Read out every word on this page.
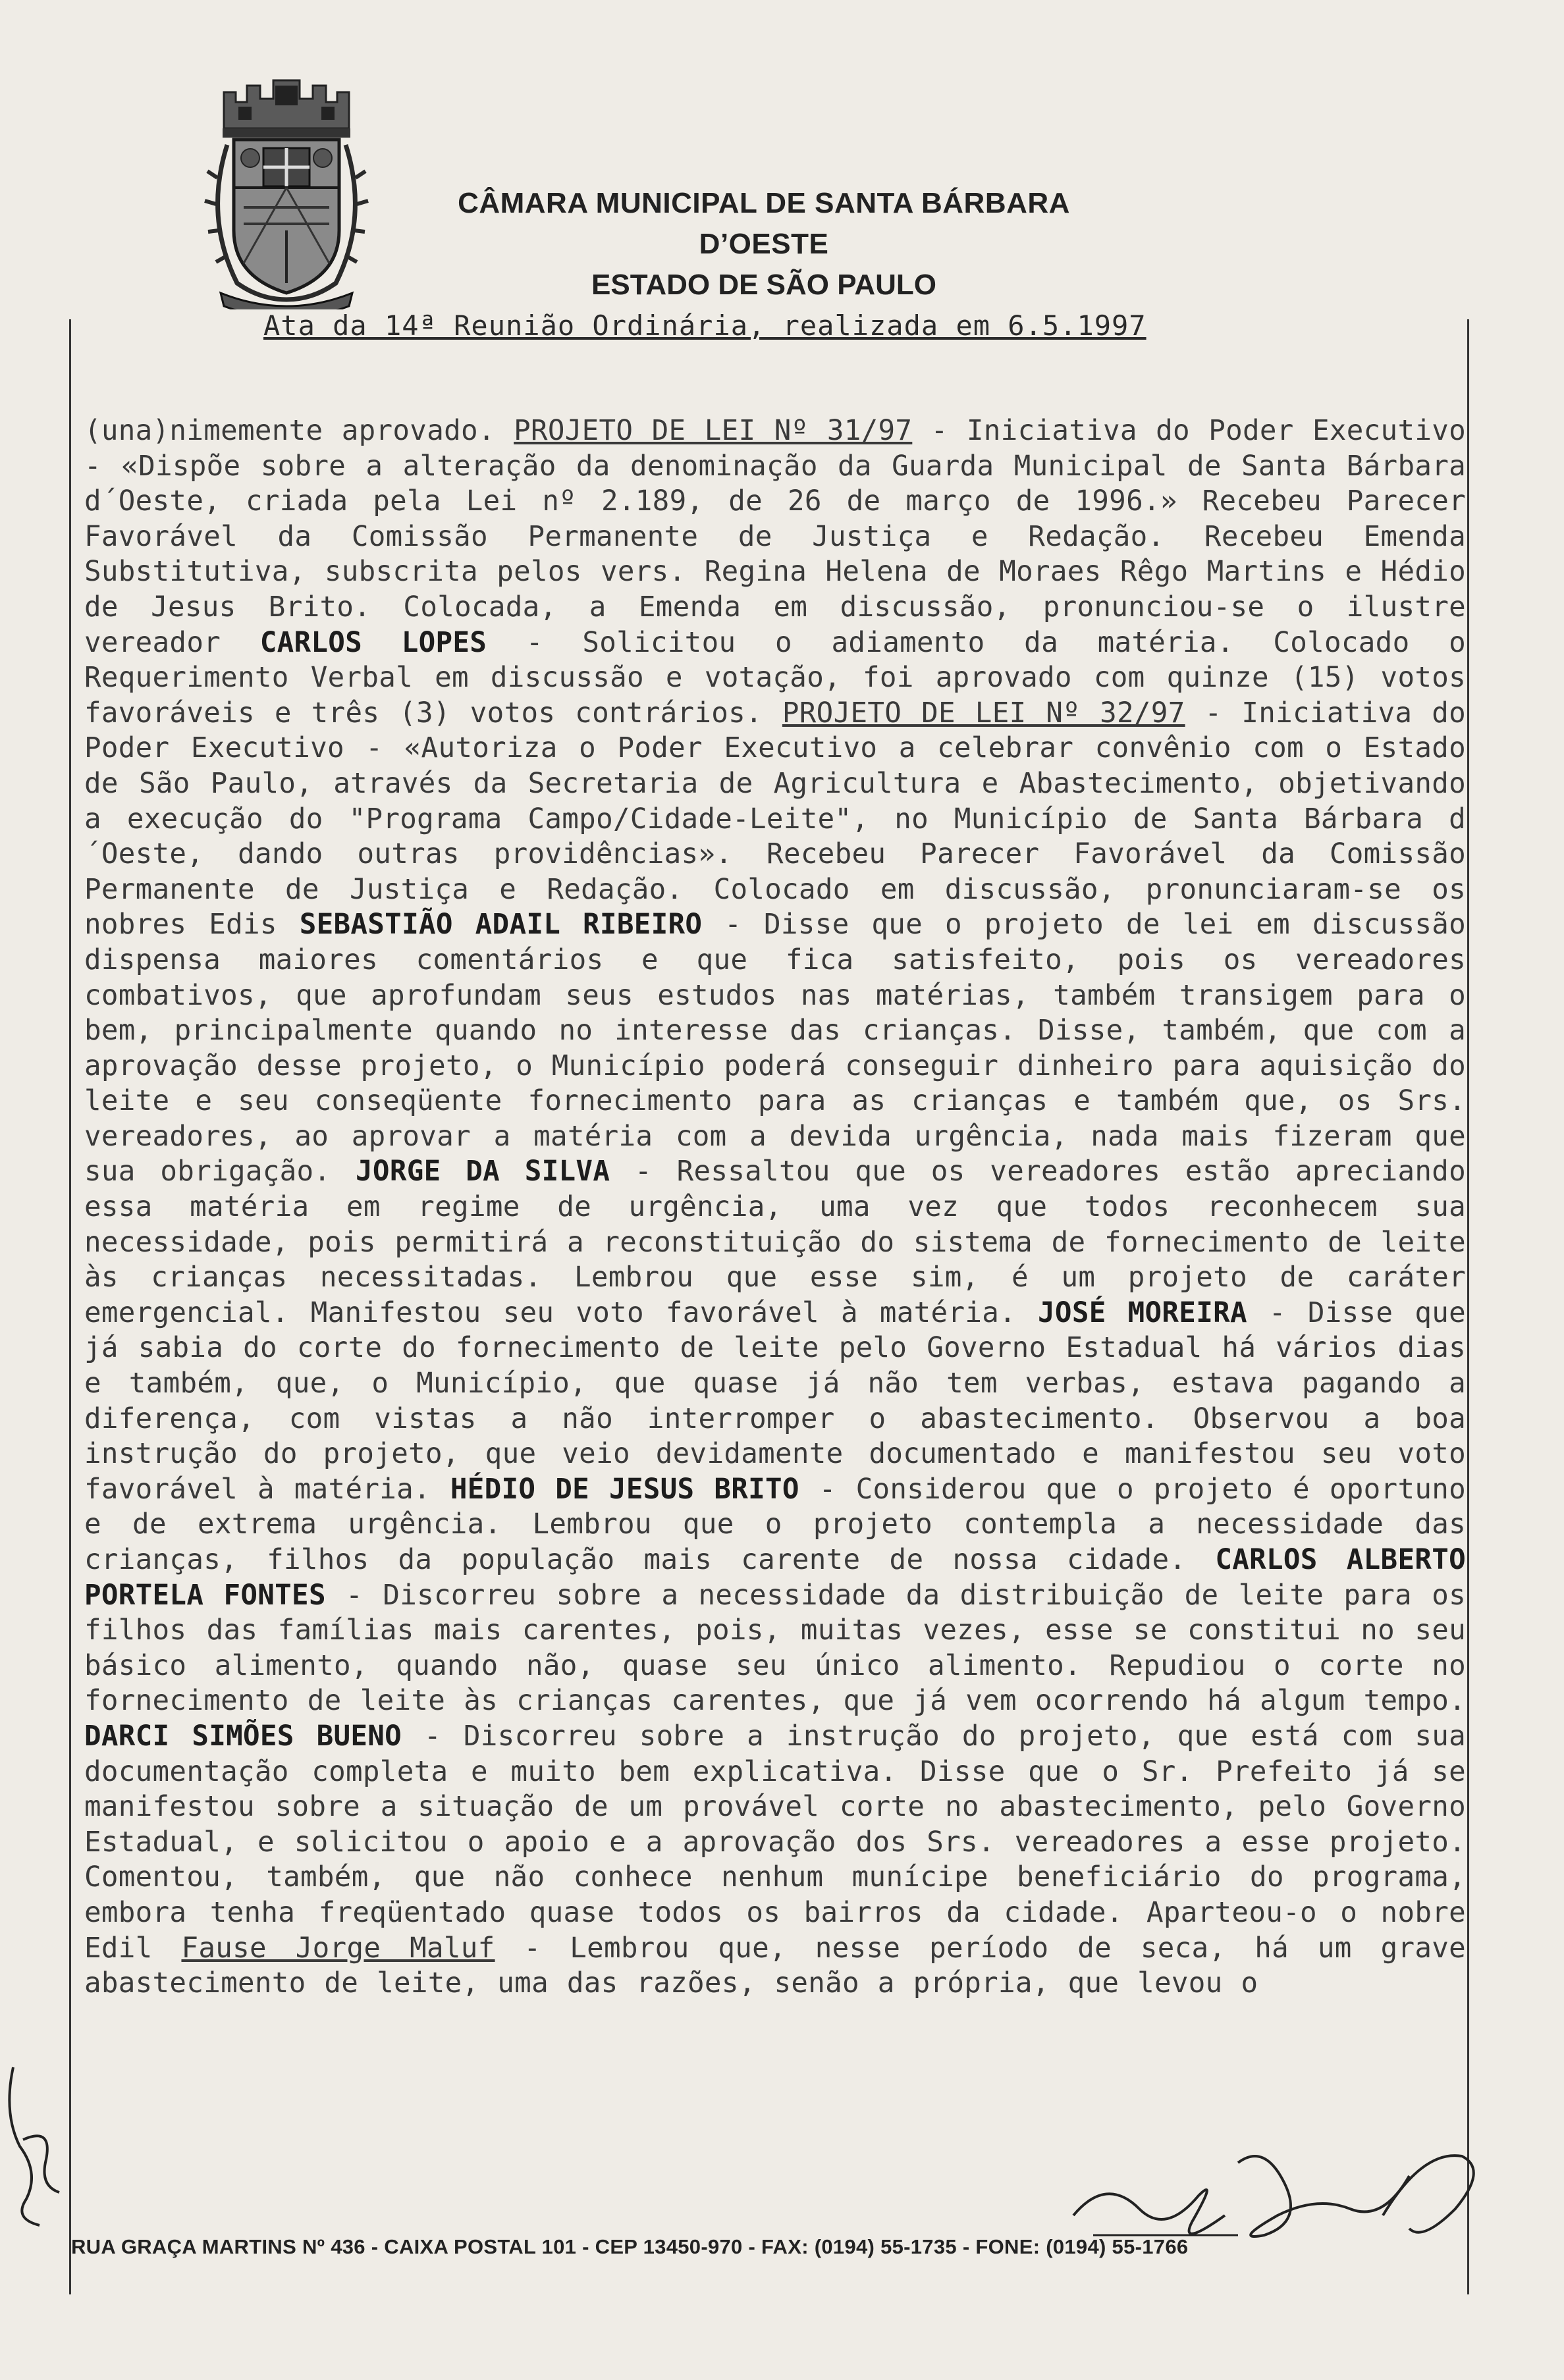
CÂMARA MUNICIPAL DE SANTA BÁRBARA D’OESTE
ESTADO DE SÃO PAULO
Ata da 14ª Reunião Ordinária, realizada em 6.5.1997
(una)nimemente aprovado. PROJETO DE LEI Nº 31/97 - Iniciativa do Poder Executivo - «Dispõe sobre a alteração da denominação da Guarda Municipal de Santa Bárbara d´Oeste, criada pela Lei nº 2.189, de 26 de março de 1996.» Recebeu Parecer Favorável da Comissão Permanente de Justiça e Redação. Recebeu Emenda Substitutiva, subscrita pelos vers. Regina Helena de Moraes Rêgo Martins e Hédio de Jesus Brito. Colocada, a Emenda em discussão, pronunciou-se o ilustre vereador CARLOS LOPES - Solicitou o adiamento da matéria. Colocado o Requerimento Verbal em discussão e votação, foi aprovado com quinze (15) votos favoráveis e três (3) votos contrários. PROJETO DE LEI Nº 32/97 - Iniciativa do Poder Executivo - «Autoriza o Poder Executivo a celebrar convênio com o Estado de São Paulo, através da Secretaria de Agricultura e Abastecimento, objetivando a execução do "Programa Campo/Cidade-Leite", no Município de Santa Bárbara d´Oeste, dando outras providências». Recebeu Parecer Favorável da Comissão Permanente de Justiça e Redação. Colocado em discussão, pronunciaram-se os nobres Edis SEBASTIÃO ADAIL RIBEIRO - Disse que o projeto de lei em discussão dispensa maiores comentários e que fica satisfeito, pois os vereadores combativos, que aprofundam seus estudos nas matérias, também transigem para o bem, principalmente quando no interesse das crianças. Disse, também, que com a aprovação desse projeto, o Município poderá conseguir dinheiro para aquisição do leite e seu conseqüente fornecimento para as crianças e também que, os Srs. vereadores, ao aprovar a matéria com a devida urgência, nada mais fizeram que sua obrigação. JORGE DA SILVA - Ressaltou que os vereadores estão apreciando essa matéria em regime de urgência, uma vez que todos reconhecem sua necessidade, pois permitirá a reconstituição do sistema de fornecimento de leite às crianças necessitadas. Lembrou que esse sim, é um projeto de caráter emergencial. Manifestou seu voto favorável à matéria. JOSÉ MOREIRA - Disse que já sabia do corte do fornecimento de leite pelo Governo Estadual há vários dias e também, que, o Município, que quase já não tem verbas, estava pagando a diferença, com vistas a não interromper o abastecimento. Observou a boa instrução do projeto, que veio devidamente documentado e manifestou seu voto favorável à matéria. HÉDIO DE JESUS BRITO - Considerou que o projeto é oportuno e de extrema urgência. Lembrou que o projeto contempla a necessidade das crianças, filhos da população mais carente de nossa cidade. CARLOS ALBERTO PORTELA FONTES - Discorreu sobre a necessidade da distribuição de leite para os filhos das famílias mais carentes, pois, muitas vezes, esse se constitui no seu básico alimento, quando não, quase seu único alimento. Repudiou o corte no fornecimento de leite às crianças carentes, que já vem ocorrendo há algum tempo. DARCI SIMÕES BUENO - Discorreu sobre a instrução do projeto, que está com sua documentação completa e muito bem explicativa. Disse que o Sr. Prefeito já se manifestou sobre a situação de um provável corte no abastecimento, pelo Governo Estadual, e solicitou o apoio e a aprovação dos Srs. vereadores a esse projeto. Comentou, também, que não conhece nenhum munícipe beneficiário do programa, embora tenha freqüentado quase todos os bairros da cidade. Aparteou-o o nobre Edil Fause Jorge Maluf - Lembrou que, nesse período de seca, há um grave abastecimento de leite, uma das razões, senão a própria, que levou o
RUA GRAÇA MARTINS Nº 436 - CAIXA POSTAL 101 - CEP 13450-970 - FAX: (0194) 55-1735 - FONE: (0194) 55-1766
